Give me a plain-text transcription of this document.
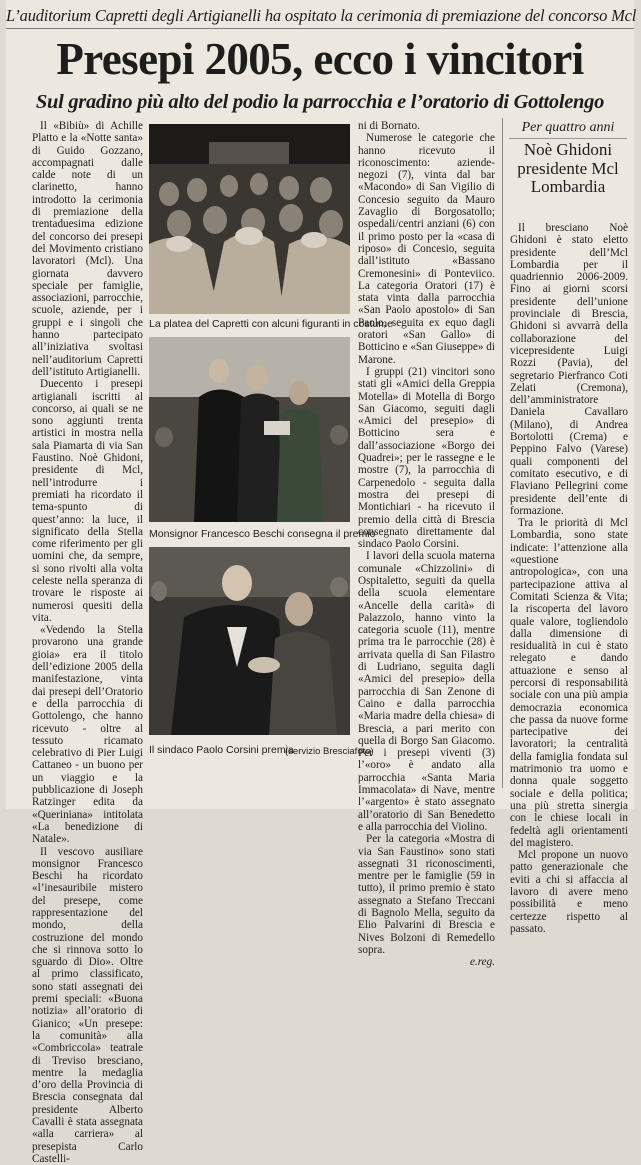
L’auditorium Capretti degli Artigianelli ha ospitato la cerimonia di premiazione del concorso Mcl
Presepi 2005, ecco i vincitori
Sul gradino più alto del podio la parrocchia e l’oratorio di Gottolengo

Il «Bibiù» di Achille Platto e la «Notte santa» di Guido Gozzano, accompagnati dalle calde note di un clarinetto, hanno introdotto la cerimonia di premiazione della trentaduesima edizione del concorso dei presepi del Movimento cristiano lavoratori (Mcl). Una giornata davvero speciale per famiglie, associazioni, parrocchie, scuole, aziende, per i gruppi e i singoli che hanno partecipato all’iniziativa svoltasi nell’auditorium Capretti dell’istituto Artigianelli.

Duecento i presepi artigianali iscritti al concorso, ai quali se ne sono aggiunti trenta artistici in mostra nella sala Piamarta di via San Faustino. Noè Ghidoni, presidente di Mcl, nell’introdurre i premiati ha ricordato il tema-spunto di quest’anno: la luce, il significato della Stella come riferimento per gli uomini che, da sempre, si sono rivolti alla volta celeste nella speranza di trovare le risposte ai numerosi quesiti della vita.

«Vedendo la Stella provarono una grande gioia» era il titolo dell’edizione 2005 della manifestazione, vinta dai presepi dell’Oratorio e della parrocchia di Gottolengo, che hanno ricevuto - oltre al tessuto ricamato celebrativo di Pier Luigi Cattaneo - un buono per un viaggio e la pubblicazione di Joseph Ratzinger edita da «Queriniana» intitolata «La benedizione di Natale».

Il vescovo ausiliare monsignor Francesco Beschi ha ricordato «l’inesauribile mistero del presepe, come rappresentazione del mondo, della costruzione del mondo che si rinnova sotto lo sguardo di Dio». Oltre al primo classificato, sono stati assegnati dei premi speciali: «Buona notizia» all’oratorio di Gianico; «Un presepe: la comunità» alla «Combriccola» teatrale di Treviso bresciano, mentre la medaglia d’oro della Provincia di Brescia consegnata dal presidente Alberto Cavalli è stata assegnata «alla carriera» al presepista Carlo Castelli-

La platea del Capretti con alcuni figuranti in costume
Monsignor Francesco Beschi consegna il premio
Il sindaco Paolo Corsini premia
(servizio Bresciafoto)

ni di Bornato.

Numerose le categorie che hanno ricevuto il riconoscimento: aziende-negozi (7), vinta dal bar «Macondo» di San Vigilio di Concesio seguito da Mauro Zavaglio di Borgosatollo; ospedali/centri anziani (6) con il primo posto per la «casa di riposo» di Concesio, seguita dall’istituto «Bassano Cremonesini» di Ponteviico. La categoria Oratori (17) è stata vinta dalla parrocchia «San Paolo apostolo» di San Paolo, seguita ex equo dagli oratori «San Gallo» di Botticino e «San Giuseppe» di Marone.

I gruppi (21) vincitori sono stati gli «Amici della Greppia Motella» di Motella di Borgo San Giacomo, seguiti dagli «Amici del presepio» di Botticino sera e dall’associazione «Borgo dei Quadrei»; per le rassegne e le mostre (7), la parrocchia di Carpenedolo - seguita dalla mostra dei presepi di Montichiari - ha ricevuto il premio della città di Brescia consegnato direttamente dal sindaco Paolo Corsini.

I lavori della scuola materna comunale «Chizzolini» di Ospitaletto, seguiti da quella della scuola elementare «Ancelle della carità» di Palazzolo, hanno vinto la categoria scuole (11), mentre prima tra le parrocchie (28) è arrivata quella di San Filastro di Ludriano, seguita dagli «Amici del presepio» della parrocchia di San Zenone di Caino e dalla parrocchia «Maria madre della chiesa» di Brescia, a pari merito con quella di Borgo San Giacomo. Per i presepi viventi (3) l’«oro» è andato alla parrocchia «Santa Maria Immacolata» di Nave, mentre l’«argento» è stato assegnato all’oratorio di San Benedetto e alla parrocchia del Violino.

Per la categoria «Mostra di via San Faustino» sono stati assegnati 31 riconoscimenti, mentre per le famiglie (59 in tutto), il primo premio è stato assegnato a Stefano Treccani di Bagnolo Mella, seguito da Elio Palvarini di Brescia e Nives Bolzoni di Remedello sopra.

e.reg.

Per quattro anni
Noè Ghidoni presidente Mcl Lombardia

Il bresciano Noè Ghidoni è stato eletto presidente dell’Mcl Lombardia per il quadriennio 2006-2009. Fino ai giorni scorsi presidente dell’unione provinciale di Brescia, Ghidoni si avvarrà della collaborazione del vicepresidente Luigi Rozzi (Pavia), del segretario Pierfranco Coti Zelati (Cremona), dell’amministratore Daniela Cavallaro (Milano), di Andrea Bortolotti (Crema) e Peppino Falvo (Varese) quali componenti del comitato esecutivo, e di Flaviano Pellegrini come presidente dell’ente di formazione.

Tra le priorità di Mcl Lombardia, sono state indicate: l’attenzione alla «questione antropologica», con una partecipazione attiva al Comitati Scienza & Vita; la riscoperta del lavoro quale valore, togliendolo dalla dimensione di residualità in cui è stato relegato e dando attuazione e senso al percorsi di responsabilità sociale con una più ampia democrazia economica che passa da nuove forme partecipative dei lavoratori; la centralità della famiglia fondata sul matrimonio tra uomo e donna quale soggetto sociale e della politica; una più stretta sinergia con le chiese locali in fedeltà agli orientamenti del magistero.

Mcl propone un nuovo patto generazionale che eviti a chi si affaccia al lavoro di avere meno possibilità e meno certezze rispetto al passato.
